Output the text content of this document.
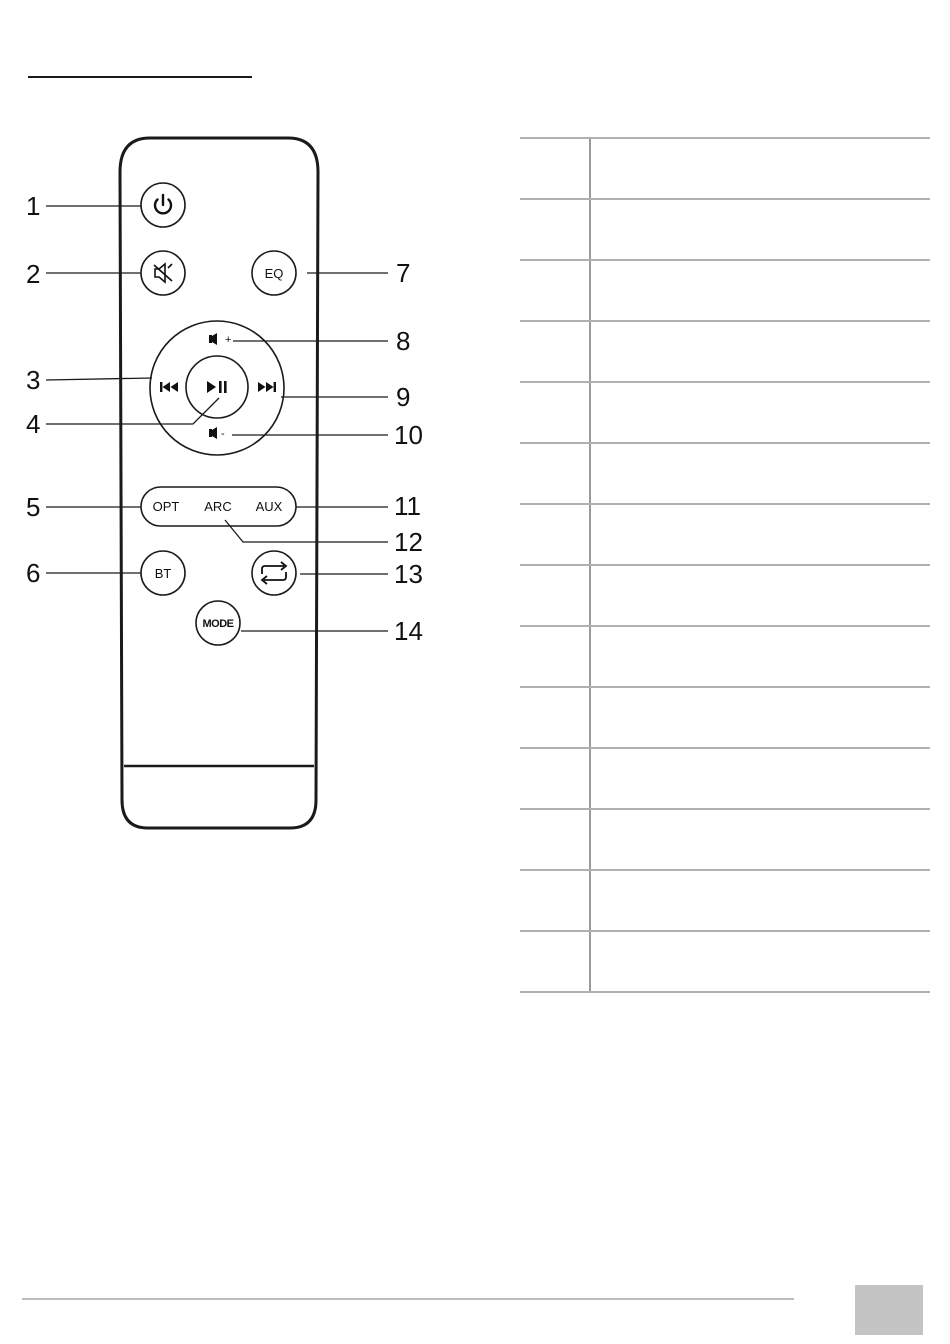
EQ
+
-
OPT ARC AUX
BT
MODE
1
2
3
4
5
6
7
8
9
10
11
12
13
14
